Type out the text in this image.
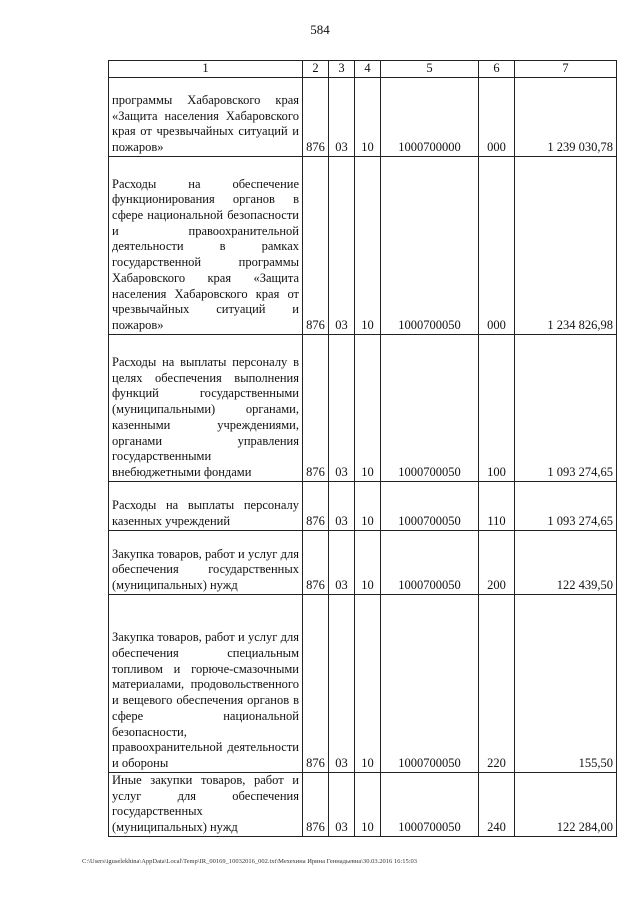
584
1	2	3	4	5	6	7
программы Хабаровского края «Защита населения Хабаровского края от чрезвычайных ситуаций и пожаров»	876	03	10	1000700000	000	1 239 030,78
Расходы на обеспечение функционирования органов в сфере национальной безопасности и правоохранительной деятельности в рамках государственной программы Хабаровского края «Защита населения Хабаровского края от чрезвычайных ситуаций и пожаров»	876	03	10	1000700050	000	1 234 826,98
Расходы на выплаты персоналу в целях обеспечения выполнения функций государственными (муниципальными) органами, казенными учреждениями, органами управления государственными внебюджетными фондами	876	03	10	1000700050	100	1 093 274,65
Расходы на выплаты персоналу казенных учреждений	876	03	10	1000700050	110	1 093 274,65
Закупка товаров, работ и услуг для обеспечения государственных (муниципальных) нужд	876	03	10	1000700050	200	122 439,50
Закупка товаров, работ и услуг для обеспечения специальным топливом и горюче-смазочными материалами, продовольственного и вещевого обеспечения органов в сфере национальной безопасности, правоохранительной деятельности и обороны	876	03	10	1000700050	220	155,50
Иные закупки товаров, работ и услуг для обеспечения государственных (муниципальных) нужд	876	03	10	1000700050	240	122 284,00
C:\Users\iguselekhina\AppData\Local\Temp\IR_00169_10032016_002.txt\Мехехина Ирина Геннадьевна\30.03.2016 16:15:03
